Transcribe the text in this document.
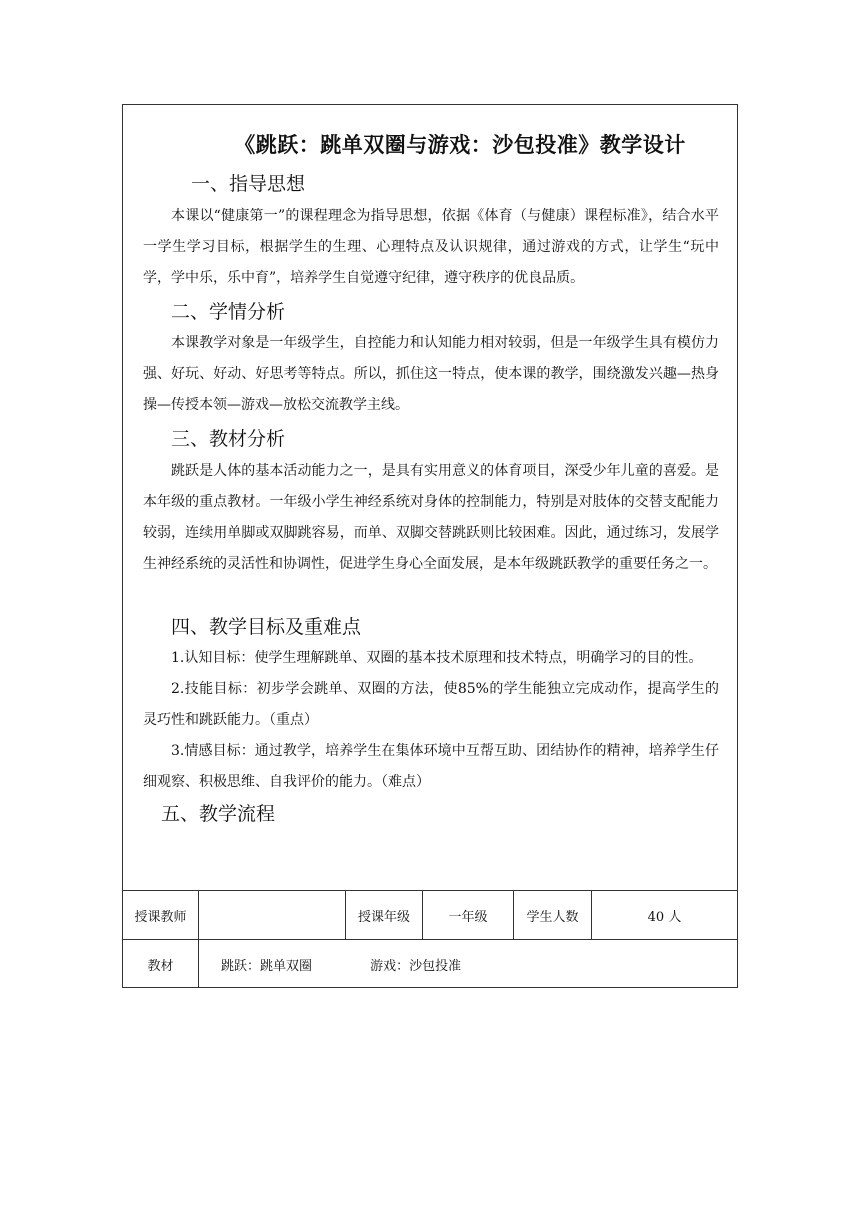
《跳跃：跳单双圈与游戏：沙包投准》教学设计
一、指导思想

本课以“健康第一”的课程理念为指导思想，依据《体育（与健康）课程标准》，结合水平一学生学习目标，根据学生的生理、心理特点及认识规律，通过游戏的方式，让学生“玩中学，学中乐，乐中育”，培养学生自觉遵守纪律，遵守秩序的优良品质。

二、学情分析

本课教学对象是一年级学生，自控能力和认知能力相对较弱，但是一年级学生具有模仿力强、好玩、好动、好思考等特点。所以，抓住这一特点，使本课的教学，围绕激发兴趣—热身操—传授本领—游戏—放松交流教学主线。

三、教材分析

跳跃是人体的基本活动能力之一，是具有实用意义的体育项目，深受少年儿童的喜爱。是本年级的重点教材。一年级小学生神经系统对身体的控制能力，特别是对肢体的交替支配能力较弱，连续用单脚或双脚跳容易，而单、双脚交替跳跃则比较困难。因此，通过练习，发展学生神经系统的灵活性和协调性，促进学生身心全面发展，是本年级跳跃教学的重要任务之一。

四、教学目标及重难点

1.认知目标：使学生理解跳单、双圈的基本技术原理和技术特点，明确学习的目的性。

2.技能目标：初步学会跳单、双圈的方法，使85%的学生能独立完成动作，提高学生的灵巧性和跳跃能力。（重点）

3.情感目标：通过教学，培养学生在集体环境中互帮互助、团结协作的精神，培养学生仔细观察、积极思维、自我评价的能力。（难点）

五、教学流程
授课教师		授课年级	一年级	学生人数	40 人
教材	跳跃：跳单双圈 游戏：沙包投准				
